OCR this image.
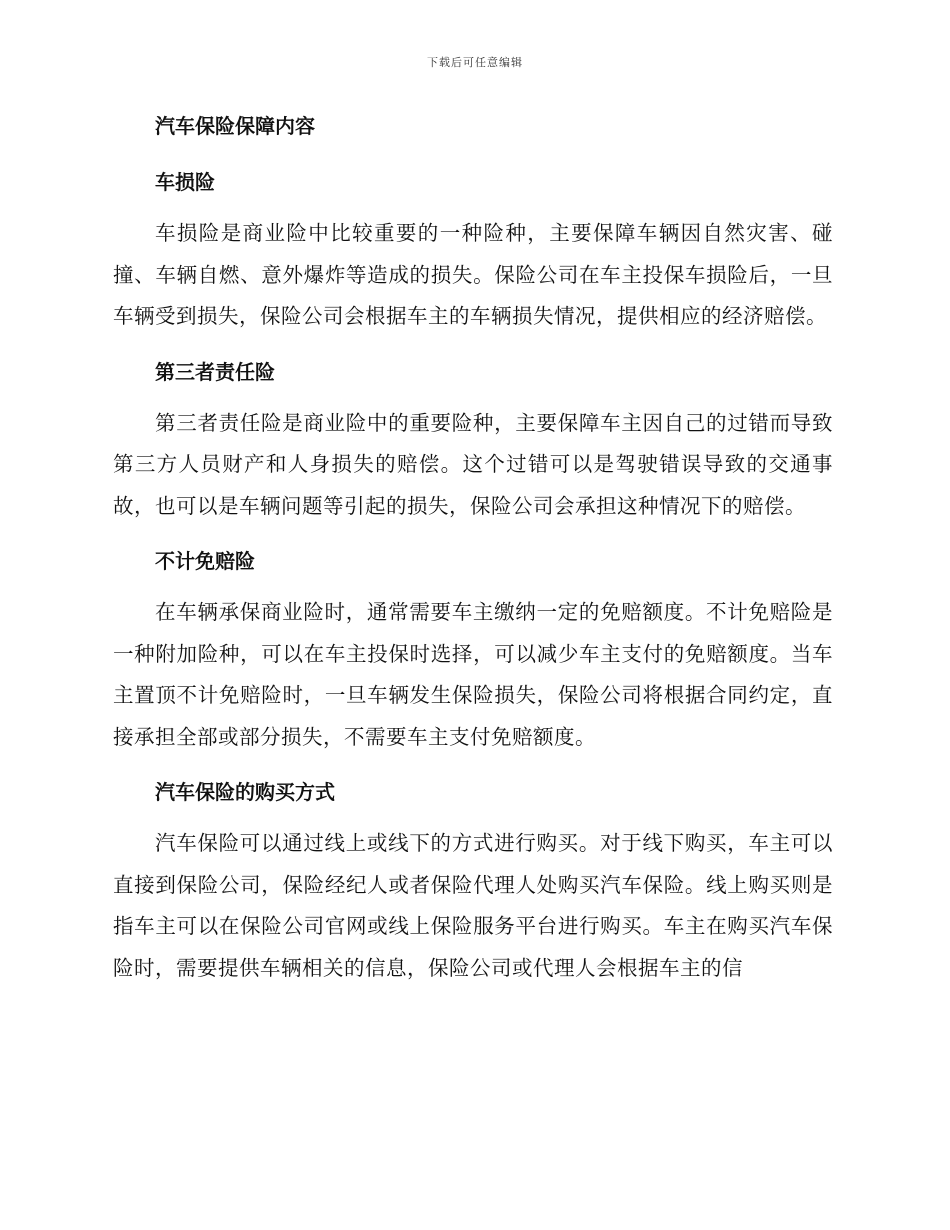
下载后可任意编辑
汽车保险保障内容
车损险

车损险是商业险中比较重要的一种险种，主要保障车辆因自然灾害、碰撞、车辆自燃、意外爆炸等造成的损失。保险公司在车主投保车损险后，一旦车辆受到损失，保险公司会根据车主的车辆损失情况，提供相应的经济赔偿。

第三者责任险

第三者责任险是商业险中的重要险种，主要保障车主因自己的过错而导致第三方人员财产和人身损失的赔偿。这个过错可以是驾驶错误导致的交通事故，也可以是车辆问题等引起的损失，保险公司会承担这种情况下的赔偿。

不计免赔险

在车辆承保商业险时，通常需要车主缴纳一定的免赔额度。不计免赔险是一种附加险种，可以在车主投保时选择，可以减少车主支付的免赔额度。当车主置顶不计免赔险时，一旦车辆发生保险损失，保险公司将根据合同约定，直接承担全部或部分损失，不需要车主支付免赔额度。

汽车保险的购买方式

汽车保险可以通过线上或线下的方式进行购买。对于线下购买，车主可以直接到保险公司，保险经纪人或者保险代理人处购买汽车保险。线上购买则是指车主可以在保险公司官网或线上保险服务平台进行购买。车主在购买汽车保险时，需要提供车辆相关的信息，保险公司或代理人会根据车主的信
